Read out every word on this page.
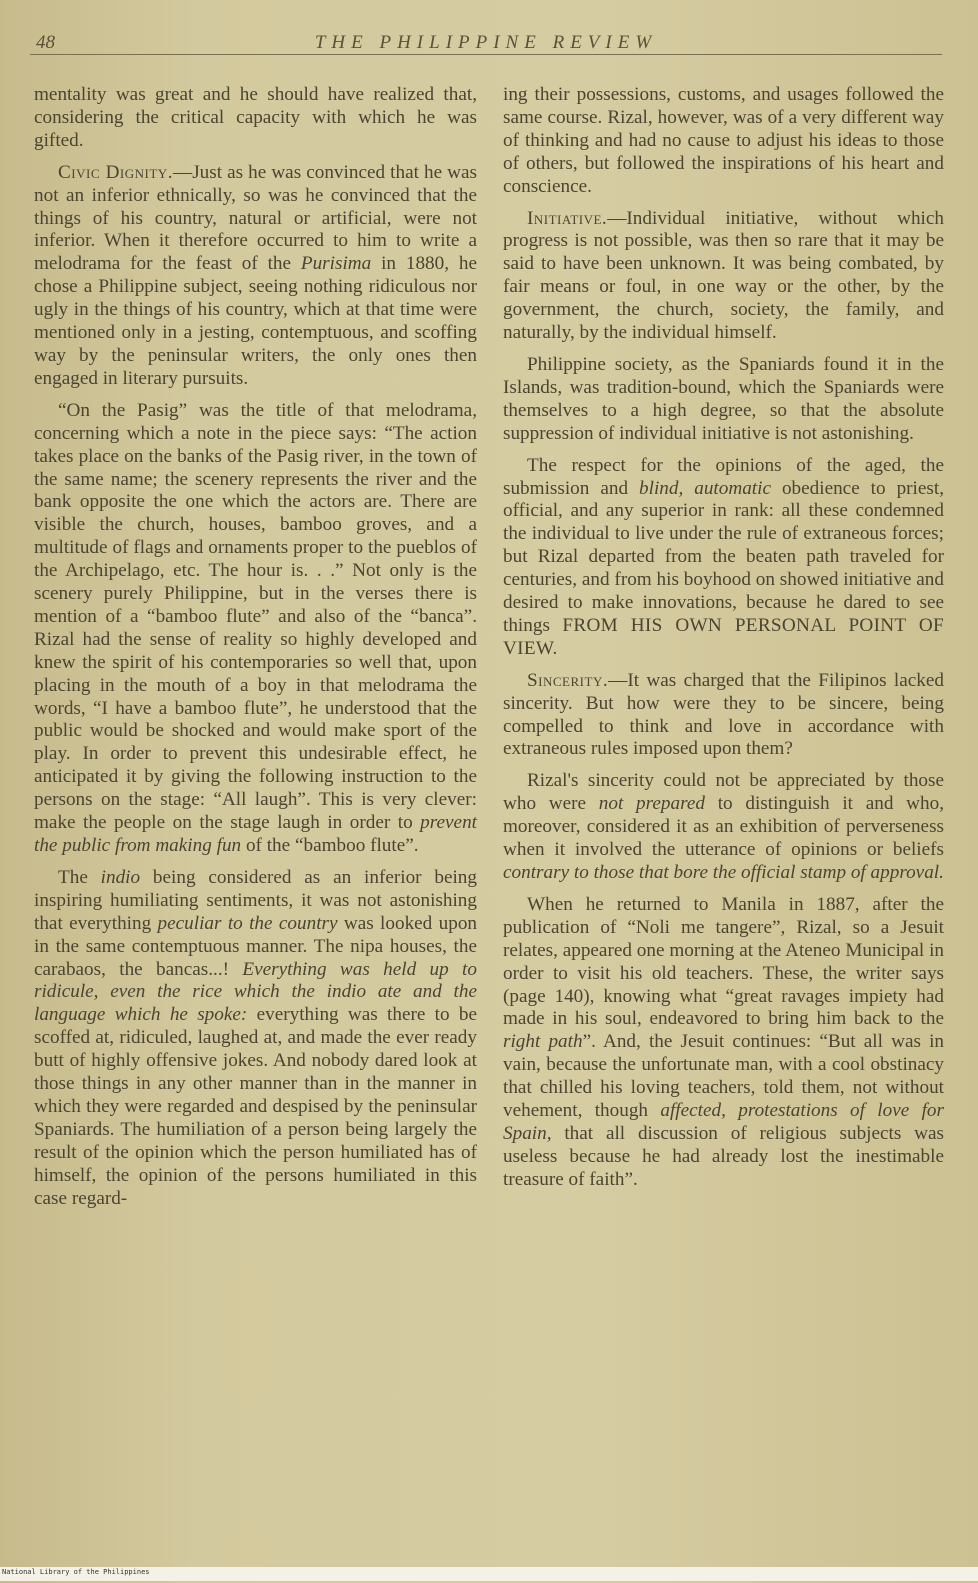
48	THE PHILIPPINE REVIEW

mentality was great and he should have realized that, considering the critical capacity with which he was gifted.

Civic Dignity.—Just as he was convinced that he was not an inferior ethnically, so was he convinced that the things of his country, natural or artificial, were not inferior. When it therefore occurred to him to write a melodrama for the feast of the Purisima in 1880, he chose a Philippine subject, seeing nothing ridiculous nor ugly in the things of his country, which at that time were mentioned only in a jesting, contemptuous, and scoffing way by the peninsular writers, the only ones then engaged in literary pursuits.

“On the Pasig” was the title of that melodrama, concerning which a note in the piece says: “The action takes place on the banks of the Pasig river, in the town of the same name; the scenery represents the river and the bank opposite the one which the actors are. There are visible the church, houses, bamboo groves, and a multitude of flags and ornaments proper to the pueblos of the Archipelago, etc. The hour is. . .” Not only is the scenery purely Philippine, but in the verses there is mention of a “bamboo flute” and also of the “banca”. Rizal had the sense of reality so highly developed and knew the spirit of his contemporaries so well that, upon placing in the mouth of a boy in that melodrama the words, “I have a bamboo flute”, he understood that the public would be shocked and would make sport of the play. In order to prevent this undesirable effect, he anticipated it by giving the following instruction to the persons on the stage: “All laugh”. This is very clever: make the people on the stage laugh in order to prevent the public from making fun of the “bamboo flute”.

The indio being considered as an inferior being inspiring humiliating sentiments, it was not astonishing that everything peculiar to the country was looked upon in the same contemptuous manner. The nipa houses, the carabaos, the bancas...! Everything was held up to ridicule, even the rice which the indio ate and the language which he spoke: everything was there to be scoffed at, ridiculed, laughed at, and made the ever ready butt of highly offensive jokes. And nobody dared look at those things in any other manner than in the manner in which they were regarded and despised by the peninsular Spaniards. The humiliation of a person being largely the result of the opinion which the person humiliated has of himself, the opinion of the persons humiliated in this case regard-

ing their possessions, customs, and usages followed the same course. Rizal, however, was of a very different way of thinking and had no cause to adjust his ideas to those of others, but followed the inspirations of his heart and conscience.

Initiative.—Individual initiative, without which progress is not possible, was then so rare that it may be said to have been unknown. It was being combated, by fair means or foul, in one way or the other, by the government, the church, society, the family, and naturally, by the individual himself.

Philippine society, as the Spaniards found it in the Islands, was tradition-bound, which the Spaniards were themselves to a high degree, so that the absolute suppression of individual initiative is not astonishing.

The respect for the opinions of the aged, the submission and blind, automatic obedience to priest, official, and any superior in rank: all these condemned the individual to live under the rule of extraneous forces; but Rizal departed from the beaten path traveled for centuries, and from his boyhood on showed initiative and desired to make innovations, because he dared to see things FROM HIS OWN PERSONAL POINT OF VIEW.

Sincerity.—It was charged that the Filipinos lacked sincerity. But how were they to be sincere, being compelled to think and love in accordance with extraneous rules imposed upon them?

Rizal's sincerity could not be appreciated by those who were not prepared to distinguish it and who, moreover, considered it as an exhibition of perverseness when it involved the utterance of opinions or beliefs contrary to those that bore the official stamp of approval.

When he returned to Manila in 1887, after the publication of “Noli me tangere”, Rizal, so a Jesuit relates, appeared one morning at the Ateneo Municipal in order to visit his old teachers. These, the writer says (page 140), knowing what “great ravages impiety had made in his soul, endeavored to bring him back to the right path”. And, the Jesuit continues: “But all was in vain, because the unfortunate man, with a cool obstinacy that chilled his loving teachers, told them, not without vehement, though affected, protestations of love for Spain, that all discussion of religious subjects was useless because he had already lost the inestimable treasure of faith”.

National Library of the Philippines
